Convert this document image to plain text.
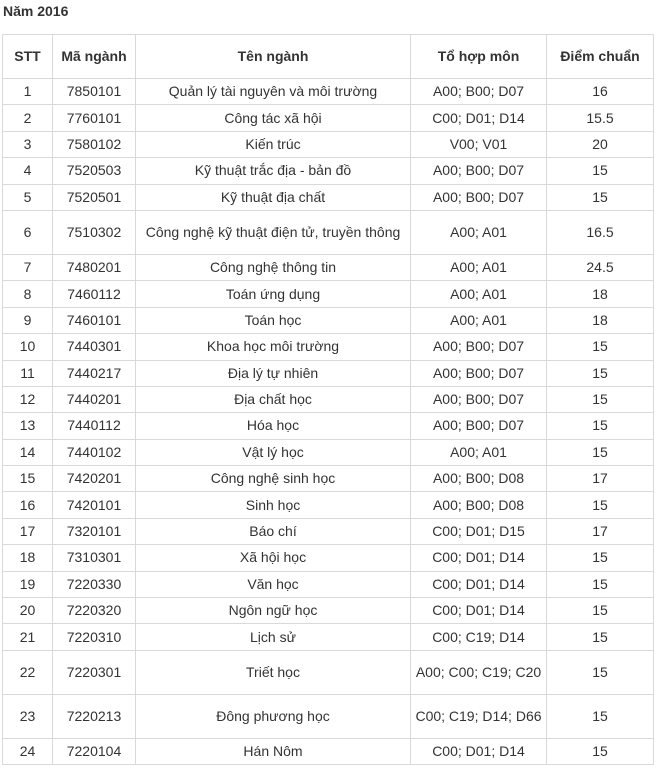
Năm 2016
STT	Mã ngành	Tên ngành	Tổ hợp môn	Điểm chuẩn
1	7850101	Quản lý tài nguyên và môi trường	A00; B00; D07	16
2	7760101	Công tác xã hội	C00; D01; D14	15.5
3	7580102	Kiến trúc	V00; V01	20
4	7520503	Kỹ thuật trắc địa - bản đồ	A00; B00; D07	15
5	7520501	Kỹ thuật địa chất	A00; B00; D07	15
6	7510302	Công nghệ kỹ thuật điện tử, truyền thông	A00; A01	16.5
7	7480201	Công nghệ thông tin	A00; A01	24.5
8	7460112	Toán ứng dụng	A00; A01	18
9	7460101	Toán học	A00; A01	18
10	7440301	Khoa học môi trường	A00; B00; D07	15
11	7440217	Địa lý tự nhiên	A00; B00; D07	15
12	7440201	Địa chất học	A00; B00; D07	15
13	7440112	Hóa học	A00; B00; D07	15
14	7440102	Vật lý học	A00; A01	15
15	7420201	Công nghệ sinh học	A00; B00; D08	17
16	7420101	Sinh học	A00; B00; D08	15
17	7320101	Báo chí	C00; D01; D15	17
18	7310301	Xã hội học	C00; D01; D14	15
19	7220330	Văn học	C00; D01; D14	15
20	7220320	Ngôn ngữ học	C00; D01; D14	15
21	7220310	Lịch sử	C00; C19; D14	15
22	7220301	Triết học	A00; C00; C19; C20	15
23	7220213	Đông phương học	C00; C19; D14; D66	15
24	7220104	Hán Nôm	C00; D01; D14	15
